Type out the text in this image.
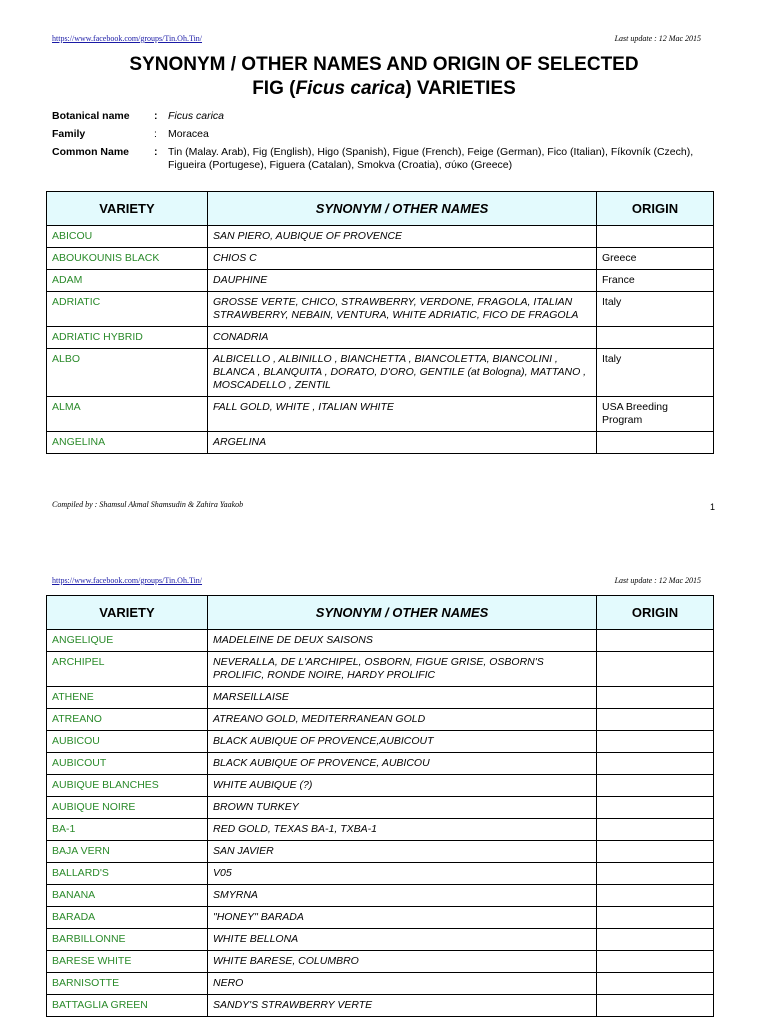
https://www.facebook.com/groups/Tin.Oh.Tin/	Last update : 12 Mac 2015
SYNONYM / OTHER NAMES AND ORIGIN OF SELECTED
FIG (Ficus carica) VARIETIES
Botanical name : Ficus carica
Family	: Moracea
Common Name : Tin (Malay. Arab), Fig (English), Higo (Spanish), Figue (French), Feige (German), Fico (Italian), Fíkovník (Czech), Figueira (Portugese), Figuera (Catalan), Smokva (Croatia), σύκο (Greece)
VARIETY	SYNONYM / OTHER NAMES	ORIGIN
ABICOU	SAN PIERO, AUBIQUE OF PROVENCE	
ABOUKOUNIS BLACK	CHIOS C	Greece
ADAM	DAUPHINE	France
ADRIATIC	GROSSE VERTE, CHICO, STRAWBERRY, VERDONE, FRAGOLA, ITALIAN STRAWBERRY, NEBAIN, VENTURA, WHITE ADRIATIC, FICO DE FRAGOLA	Italy
ADRIATIC HYBRID	CONADRIA	
ALBO	ALBICELLO , ALBINILLO , BIANCHETTA , BIANCOLETTA, BIANCOLINI , BLANCA , BLANQUITA , DORATO, D'ORO, GENTILE (at Bologna), MATTANO , MOSCADELLO , ZENTIL	Italy
ALMA	FALL GOLD, WHITE , ITALIAN WHITE	USA Breeding Program
ANGELINA	ARGELINA	
Compiled by : Shamsul Akmal Shamsudin & Zahira Yaakob	1
https://www.facebook.com/groups/Tin.Oh.Tin/	Last update : 12 Mac 2015
VARIETY	SYNONYM / OTHER NAMES	ORIGIN
ANGELIQUE	MADELEINE DE DEUX SAISONS	
ARCHIPEL	NEVERALLA, DE L'ARCHIPEL, OSBORN, FIGUE GRISE, OSBORN'S PROLIFIC, RONDE NOIRE, HARDY PROLIFIC	
ATHENE	MARSEILLAISE	
ATREANO	ATREANO GOLD, MEDITERRANEAN GOLD	
AUBICOU	BLACK AUBIQUE OF PROVENCE,AUBICOUT	
AUBICOUT	BLACK AUBIQUE OF PROVENCE, AUBICOU	
AUBIQUE BLANCHES	WHITE AUBIQUE (?)	
AUBIQUE NOIRE	BROWN TURKEY	
BA-1	RED GOLD, TEXAS BA-1, TXBA-1	
BAJA VERN	SAN JAVIER	
BALLARD'S	V05	
BANANA	SMYRNA	
BARADA	"HONEY" BARADA	
BARBILLONNE	WHITE BELLONA	
BARESE WHITE	WHITE BARESE, COLUMBRO	
BARNISOTTE	NERO	
BATTAGLIA GREEN	SANDY'S STRAWBERRY VERTE	
